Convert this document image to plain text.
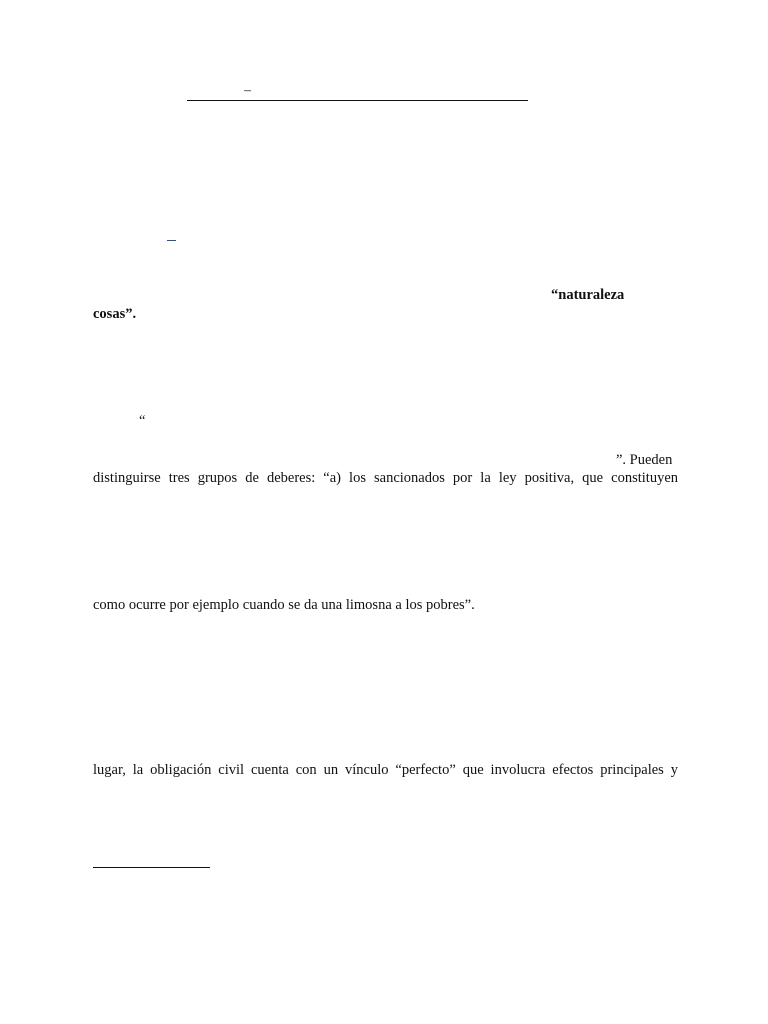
–
“naturaleza
cosas”.
“
”. Pueden
distinguirse tres grupos de deberes: “a) los sancionados por la ley positiva, que constituyen
como ocurre por ejemplo cuando se da una limosna a los pobres”.
lugar, la obligación civil cuenta con un vínculo “perfecto” que involucra efectos principales y
